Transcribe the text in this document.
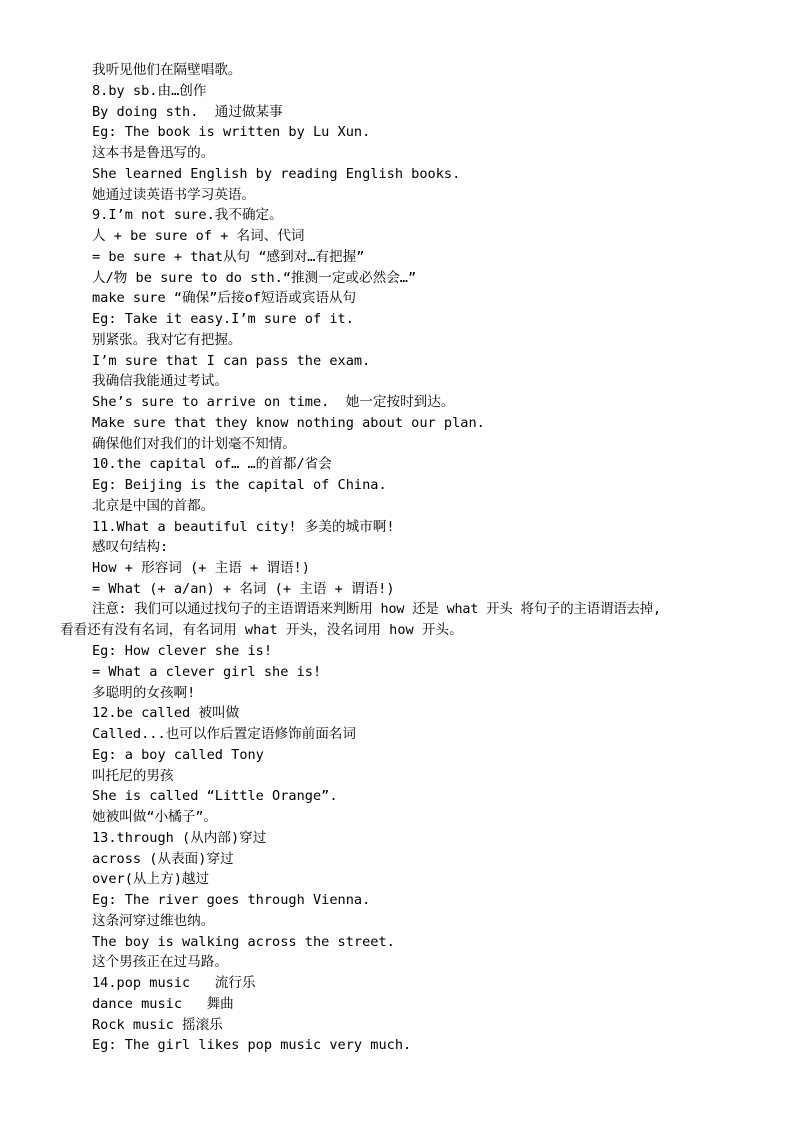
我听见他们在隔壁唱歌。
8.by sb.由…创作
By doing sth.  通过做某事
Eg: The book is written by Lu Xun.
这本书是鲁迅写的。
She learned English by reading English books.
她通过读英语书学习英语。
9.I’m not sure.我不确定。
人 + be sure of + 名词、代词
= be sure + that从句 “感到对…有把握”
人/物 be sure to do sth.“推测一定或必然会…”
make sure “确保”后接of短语或宾语从句
Eg: Take it easy.I’m sure of it.
别紧张。我对它有把握。
I’m sure that I can pass the exam.
我确信我能通过考试。
She’s sure to arrive on time.  她一定按时到达。
Make sure that they know nothing about our plan.
确保他们对我们的计划毫不知情。
10.the capital of… …的首都/省会
Eg: Beijing is the capital of China.
北京是中国的首都。
11.What a beautiful city! 多美的城市啊!
感叹句结构:
How + 形容词 (+ 主语 + 谓语!)
= What (+ a/an) + 名词 (+ 主语 + 谓语!)
注意: 我们可以通过找句子的主语谓语来判断用 how 还是 what 开头 将句子的主语谓语去掉,
看看还有没有名词，有名词用 what 开头，没名词用 how 开头。
Eg: How clever she is!
= What a clever girl she is!
多聪明的女孩啊!
12.be called 被叫做
Called...也可以作后置定语修饰前面名词
Eg: a boy called Tony
叫托尼的男孩
She is called “Little Orange”.
她被叫做“小橘子”。
13.through (从内部)穿过
across (从表面)穿过
over(从上方)越过
Eg: The river goes through Vienna.
这条河穿过维也纳。
The boy is walking across the street.
这个男孩正在过马路。
14.pop music   流行乐
dance music   舞曲
Rock music 摇滚乐
Eg: The girl likes pop music very much.
